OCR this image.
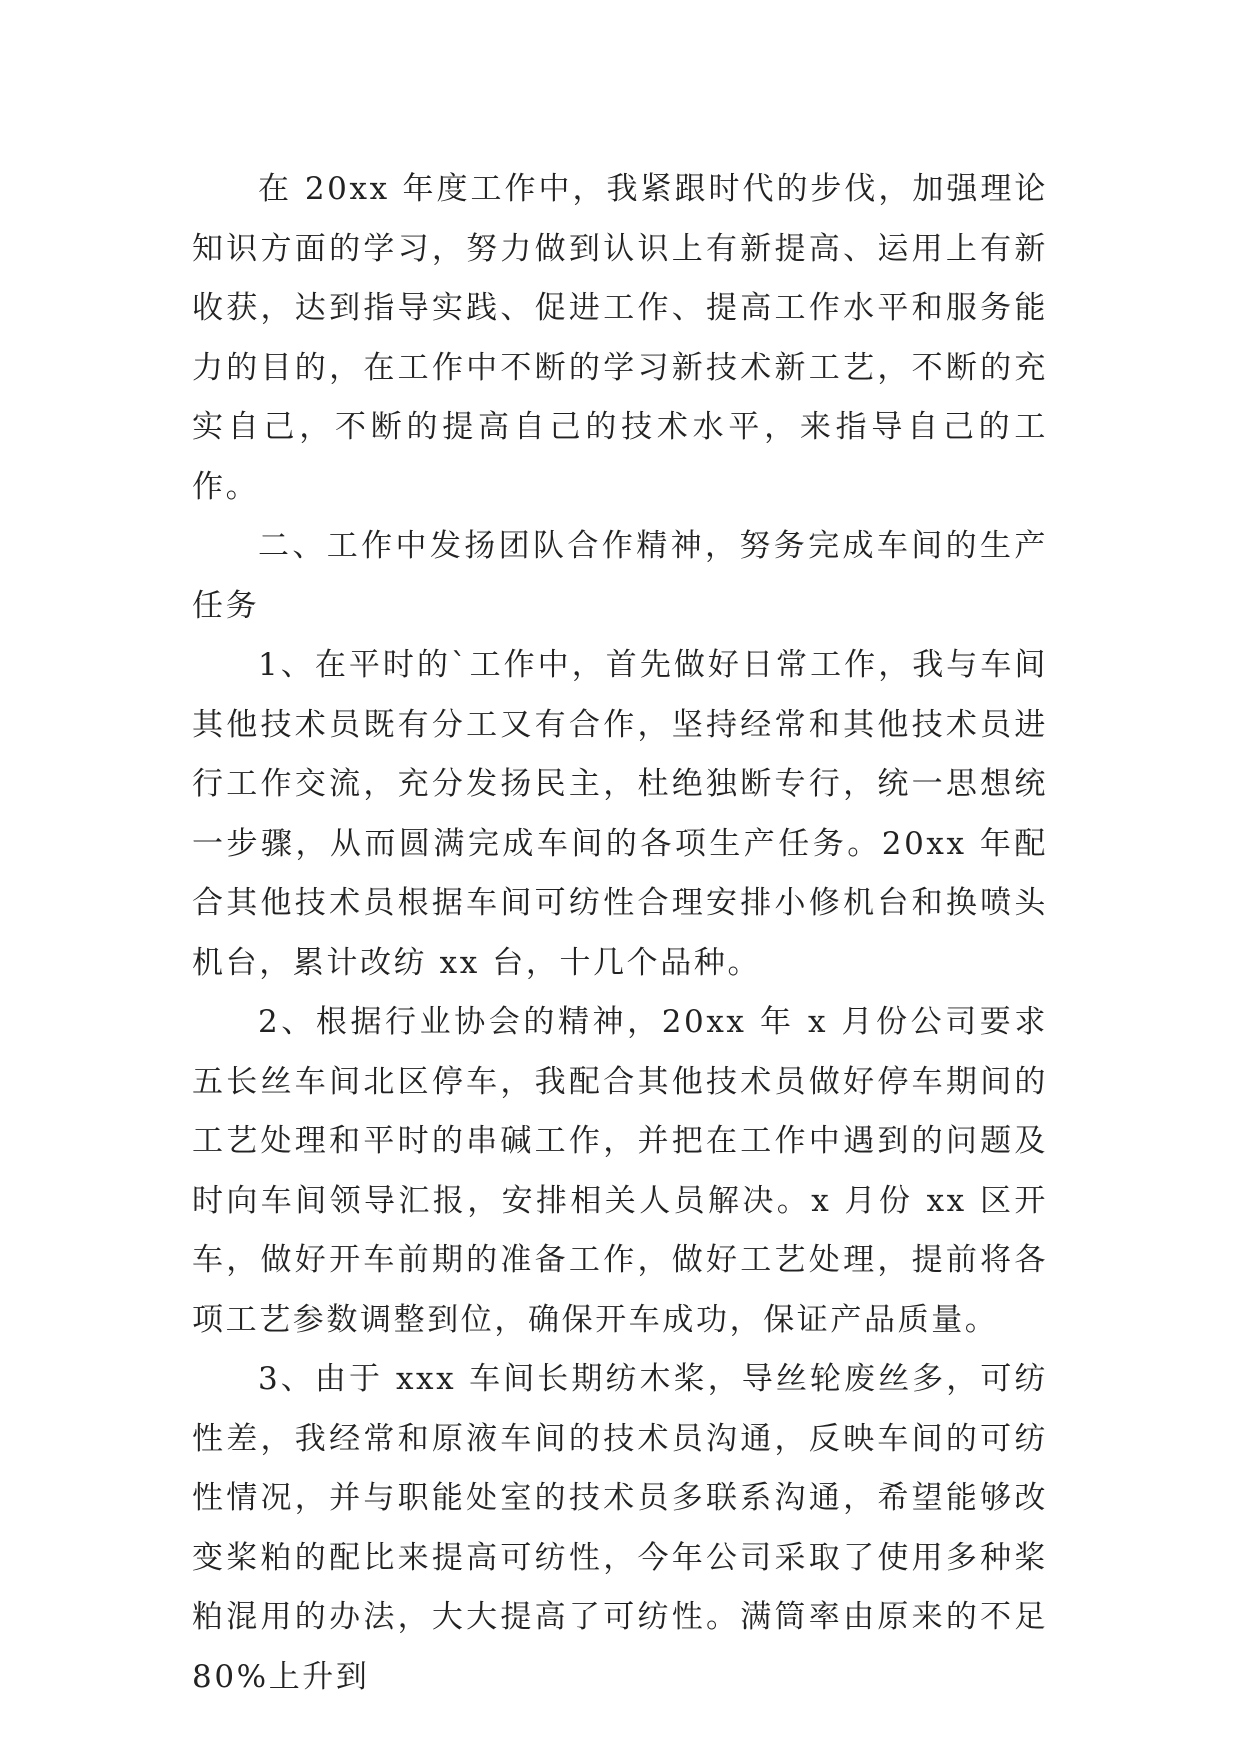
在 20xx 年度工作中，我紧跟时代的步伐，加强理论知识方面的学习，努力做到认识上有新提高、运用上有新收获，达到指导实践、促进工作、提高工作水平和服务能力的目的，在工作中不断的学习新技术新工艺，不断的充实自己，不断的提高自己的技术水平，来指导自己的工作。

二、工作中发扬团队合作精神，努务完成车间的生产任务

1、在平时的`工作中，首先做好日常工作，我与车间其他技术员既有分工又有合作，坚持经常和其他技术员进行工作交流，充分发扬民主，杜绝独断专行，统一思想统一步骤，从而圆满完成车间的各项生产任务。20xx 年配合其他技术员根据车间可纺性合理安排小修机台和换喷头机台，累计改纺 xx 台，十几个品种。

2、根据行业协会的精神，20xx 年 x 月份公司要求五长丝车间北区停车，我配合其他技术员做好停车期间的工艺处理和平时的串碱工作，并把在工作中遇到的问题及时向车间领导汇报，安排相关人员解决。x 月份 xx 区开车，做好开车前期的准备工作，做好工艺处理，提前将各项工艺参数调整到位，确保开车成功，保证产品质量。

3、由于 xxx 车间长期纺木桨，导丝轮废丝多，可纺性差，我经常和原液车间的技术员沟通，反映车间的可纺性情况，并与职能处室的技术员多联系沟通，希望能够改变桨粕的配比来提高可纺性，今年公司采取了使用多种桨粕混用的办法，大大提高了可纺性。满筒率由原来的不足 80%上升到
